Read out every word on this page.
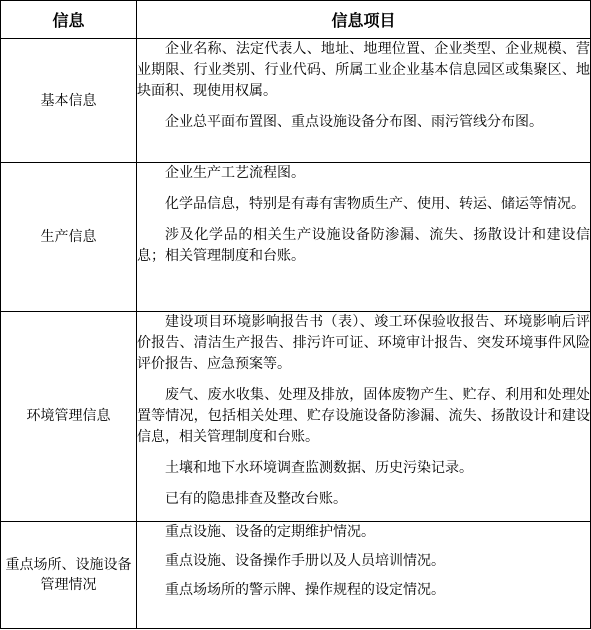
信息	信息项目
基本信息	企业名称、法定代表人、地址、地理位置、企业类型、企业规模、营业期限、行业类别、行业代码、所属工业企业基本信息园区或集聚区、地块面积、现使用权属。

企业总平面布置图、重点设施设备分布图、雨污管线分布图。

生产信息	企业生产工艺流程图。

化学品信息，特别是有毒有害物质生产、使用、转运、储运等情况。

涉及化学品的相关生产设施设备防渗漏、流失、扬散设计和建设信息；相关管理制度和台账。

环境管理信息	建设项目环境影响报告书（表）、竣工环保验收报告、环境影响后评价报告、清洁生产报告、排污许可证、环境审计报告、突发环境事件风险评价报告、应急预案等。

废气、废水收集、处理及排放，固体废物产生、贮存、利用和处理处置等情况，包括相关处理、贮存设施设备防渗漏、流失、扬散设计和建设信息，相关管理制度和台账。

土壤和地下水环境调查监测数据、历史污染记录。

已有的隐患排查及整改台账。

重点场所、设施设备管理情况	重点设施、设备的定期维护情况。

重点设施、设备操作手册以及人员培训情况。

重点场场所的警示牌、操作规程的设定情况。
